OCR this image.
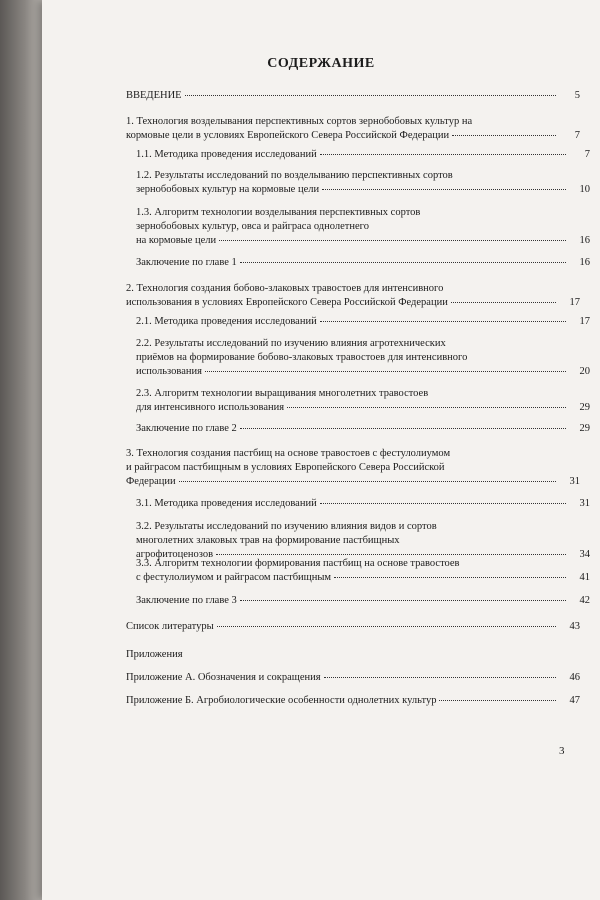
СОДЕРЖАНИЕ
ВВЕДЕНИЕ	5
1. Технология возделывания перспективных сортов зернобобовых культур на
кормовые цели в условиях Европейского Севера Российской Федерации	7
1.1. Методика проведения исследований	7
1.2. Результаты исследований по возделыванию перспективных сортов
зернобобовых культур на кормовые цели	10
1.3. Алгоритм технологии возделывания перспективных сортов
зернобобовых культур, овса и райграса однолетнего
на кормовые цели	16
Заключение по главе 1	16
2. Технология создания бобово-злаковых травостоев для интенсивного
использования в условиях Европейского Севера Российской Федерации	17
2.1. Методика проведения исследований	17
2.2. Результаты исследований по изучению влияния агротехнических
приёмов на формирование бобово-злаковых травостоев для интенсивного
использования	20
2.3. Алгоритм технологии выращивания многолетних травостоев
для интенсивного использования	29
Заключение по главе 2	29
3. Технология создания пастбищ на основе травостоев с фестулолиумом
и райграсом пастбищным в условиях Европейского Севера Российской
Федерации	31
3.1. Методика проведения исследований	31
3.2. Результаты исследований по изучению влияния видов и сортов
многолетних злаковых трав на формирование пастбищных
агрофитоценозов	34
3.3. Алгоритм технологии формирования пастбищ на основе травостоев
с фестулолиумом и райграсом пастбищным	41
Заключение по главе 3	42
Список литературы	43
Приложения
Приложение А. Обозначения и сокращения	46
Приложение Б. Агробиологические особенности однолетних культур	47
3
